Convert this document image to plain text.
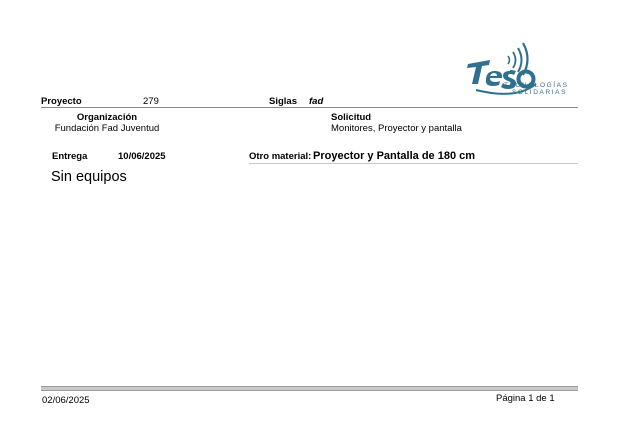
TECNOLOGÍAS
SOLIDARIAS
Proyecto	279	Siglas fad
Organización
Fundación Fad Juventud
Solicitud
Monitores, Proyector y pantalla
Entrega	10/06/2025	Otro material: Proyector y Pantalla de 180 cm
Sin equipos
02/06/2025	Página 1 de 1
